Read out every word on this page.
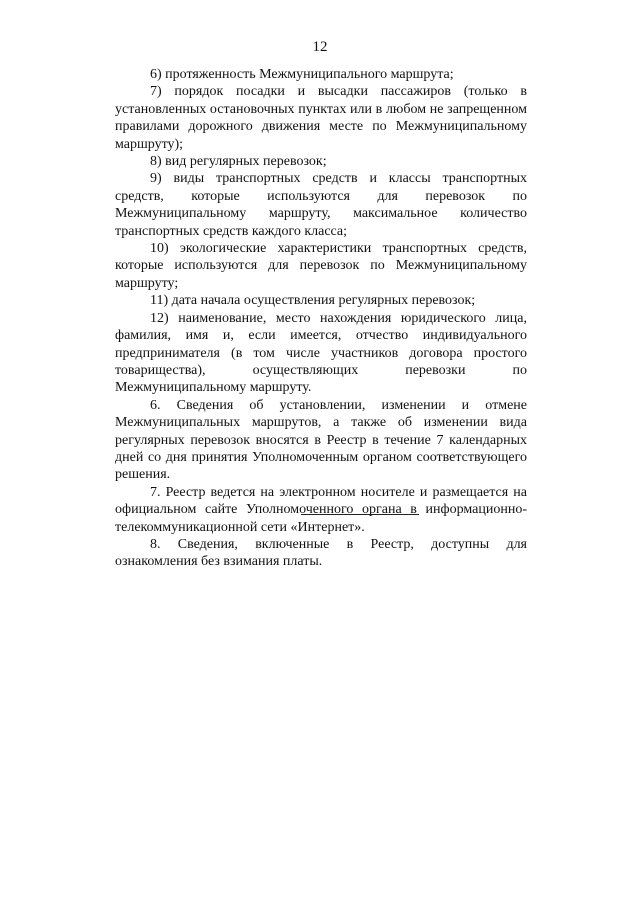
12

6) протяженность Межмуниципального маршрута;

7) порядок посадки и высадки пассажиров (только в установленных остановочных пунктах или в любом не запрещенном правилами дорожного движения месте по Межмуниципальному маршруту);

8) вид регулярных перевозок;

9) виды транспортных средств и классы транспортных средств, которые используются для перевозок по Межмуниципальному маршруту, максимальное количество транспортных средств каждого класса;

10) экологические характеристики транспортных средств, которые используются для перевозок по Межмуниципальному маршруту;

11) дата начала осуществления регулярных перевозок;

12) наименование, место нахождения юридического лица, фамилия, имя и, если имеется, отчество индивидуального предпринимателя (в том числе участников договора простого товарищества), осуществляющих перевозки по Межмуниципальному маршруту.

6. Сведения об установлении, изменении и отмене Межмуниципальных маршрутов, а также об изменении вида регулярных перевозок вносятся в Реестр в течение 7 календарных дней со дня принятия Уполномоченным органом соответствующего решения.

7. Реестр ведется на электронном носителе и размещается на официальном сайте Уполномоченного органа в информационно-телекоммуникационной сети «Интернет».

8. Сведения, включенные в Реестр, доступны для ознакомления без взимания платы.
